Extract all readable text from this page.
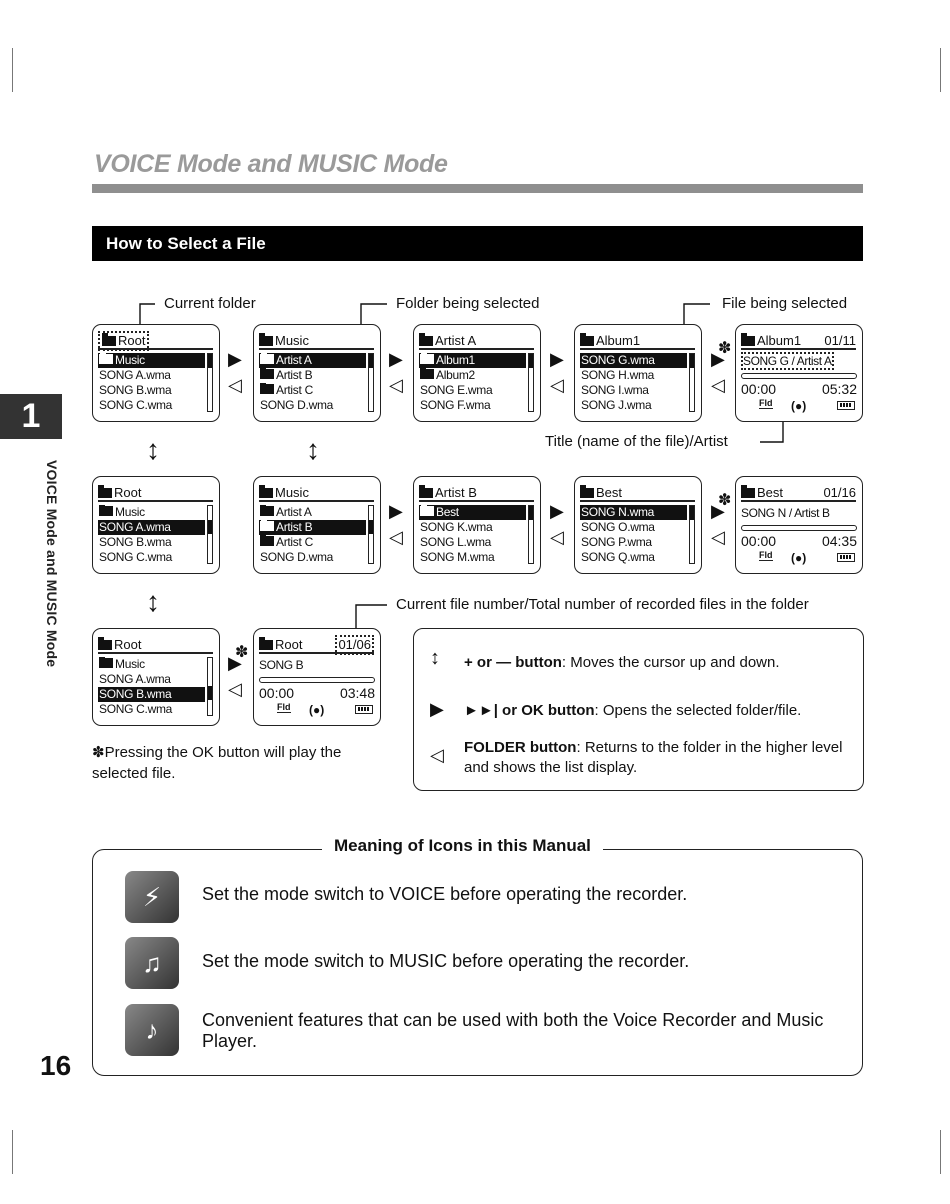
VOICE Mode and MUSIC Mode
How to Select a File
1
VOICE Mode and MUSIC Mode
16
Current folder	Folder being selected	File being selected
Title (name of the file)/Artist
Current file number/Total number of recorded files in the folder
Root
Music
SONG A.wma
SONG B.wma
SONG C.wma
Music
Artist A
Artist B
Artist C
SONG D.wma
Artist A
Album1
Album2
SONG E.wma
SONG F.wma
Album1
SONG G.wma
SONG H.wma
SONG I.wma
SONG J.wma
Album1 01/11
SONG G / Artist A
00:00	05:32
Fld (●)
▶
◁
▶
◁
▶
◁
▶
◁
✽
↕	↕
Root
Music
SONG A.wma
SONG B.wma
SONG C.wma
Music
Artist A
Artist B
Artist C
SONG D.wma
Artist B
Best
SONG K.wma
SONG L.wma
SONG M.wma
Best
SONG N.wma
SONG O.wma
SONG P.wma
SONG Q.wma
Best	01/16
SONG N / Artist B
00:00	04:35
Fld (●)
▶
◁
▶
◁
▶
◁
✽
↕
Root
Music
SONG A.wma
SONG B.wma
SONG C.wma
Root	01/06
SONG B
00:00	03:48
Fld (●)
▶
◁
✽
✽Pressing the OK button will play the selected file.
↕ + or — button: Moves the cursor up and down.
▶ ►►| or OK button: Opens the selected folder/file.
◁ FOLDER button: Returns to the folder in the higher level and shows the list display.
Meaning of Icons in this Manual
⚡	Set the mode switch to VOICE before operating the recorder.
♫	Set the mode switch to MUSIC before operating the recorder.
♪	Convenient features that can be used with both the Voice Recorder and Music Player.
